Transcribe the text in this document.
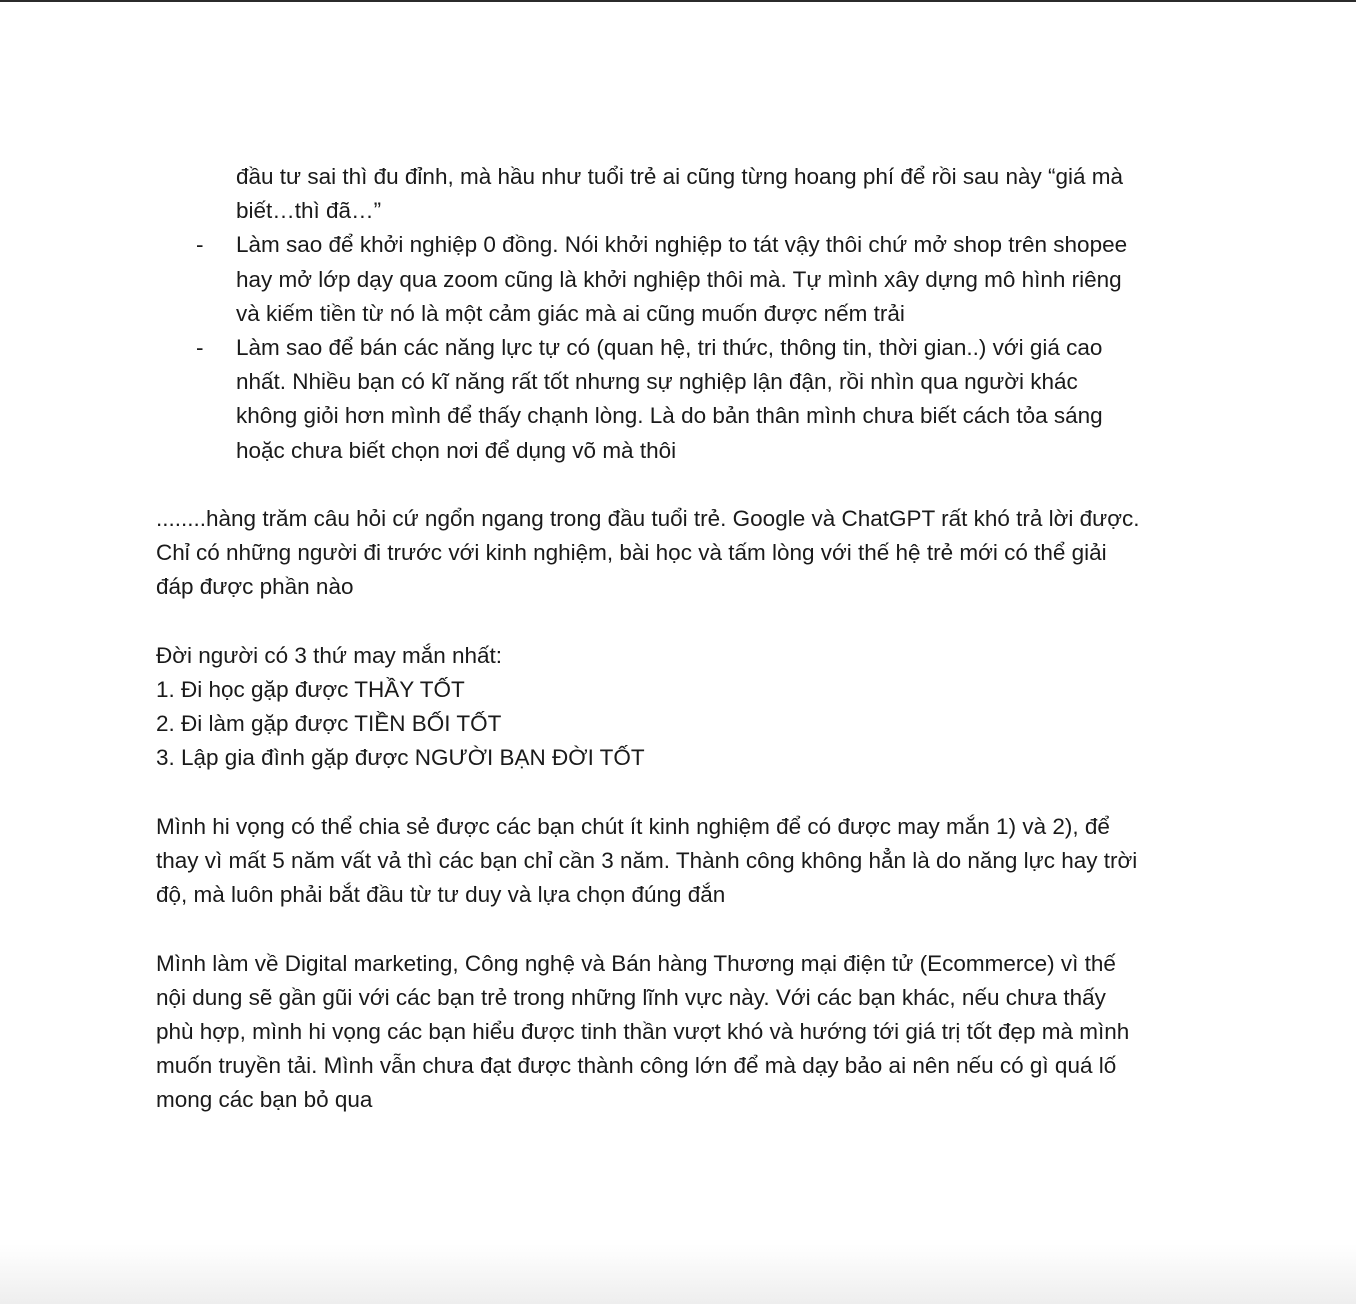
đầu tư sai thì đu đỉnh, mà hầu như tuổi trẻ ai cũng từng hoang phí để rồi sau này “giá mà
biết…thì đã…”
- Làm sao để khởi nghiệp 0 đồng. Nói khởi nghiệp to tát vậy thôi chứ mở shop trên shopee
hay mở lớp dạy qua zoom cũng là khởi nghiệp thôi mà. Tự mình xây dựng mô hình riêng
và kiếm tiền từ nó là một cảm giác mà ai cũng muốn được nếm trải
- Làm sao để bán các năng lực tự có (quan hệ, tri thức, thông tin, thời gian..) với giá cao
nhất. Nhiều bạn có kĩ năng rất tốt nhưng sự nghiệp lận đận, rồi nhìn qua người khác
không giỏi hơn mình để thấy chạnh lòng. Là do bản thân mình chưa biết cách tỏa sáng
hoặc chưa biết chọn nơi để dụng võ mà thôi
........hàng trăm câu hỏi cứ ngổn ngang trong đầu tuổi trẻ. Google và ChatGPT rất khó trả lời được.
Chỉ có những người đi trước với kinh nghiệm, bài học và tấm lòng với thế hệ trẻ mới có thể giải
đáp được phần nào
Đời người có 3 thứ may mắn nhất:
1. Đi học gặp được THẦY TỐT
2. Đi làm gặp được TIỀN BỐI TỐT
3. Lập gia đình gặp được NGƯỜI BẠN ĐỜI TỐT
Mình hi vọng có thể chia sẻ được các bạn chút ít kinh nghiệm để có được may mắn 1) và 2), để
thay vì mất 5 năm vất vả thì các bạn chỉ cần 3 năm. Thành công không hẳn là do năng lực hay trời
độ, mà luôn phải bắt đầu từ tư duy và lựa chọn đúng đắn
Mình làm về Digital marketing, Công nghệ và Bán hàng Thương mại điện tử (Ecommerce) vì thế
nội dung sẽ gần gũi với các bạn trẻ trong những lĩnh vực này. Với các bạn khác, nếu chưa thấy
phù hợp, mình hi vọng các bạn hiểu được tinh thần vượt khó và hướng tới giá trị tốt đẹp mà mình
muốn truyền tải. Mình vẫn chưa đạt được thành công lớn để mà dạy bảo ai nên nếu có gì quá lố
mong các bạn bỏ qua
